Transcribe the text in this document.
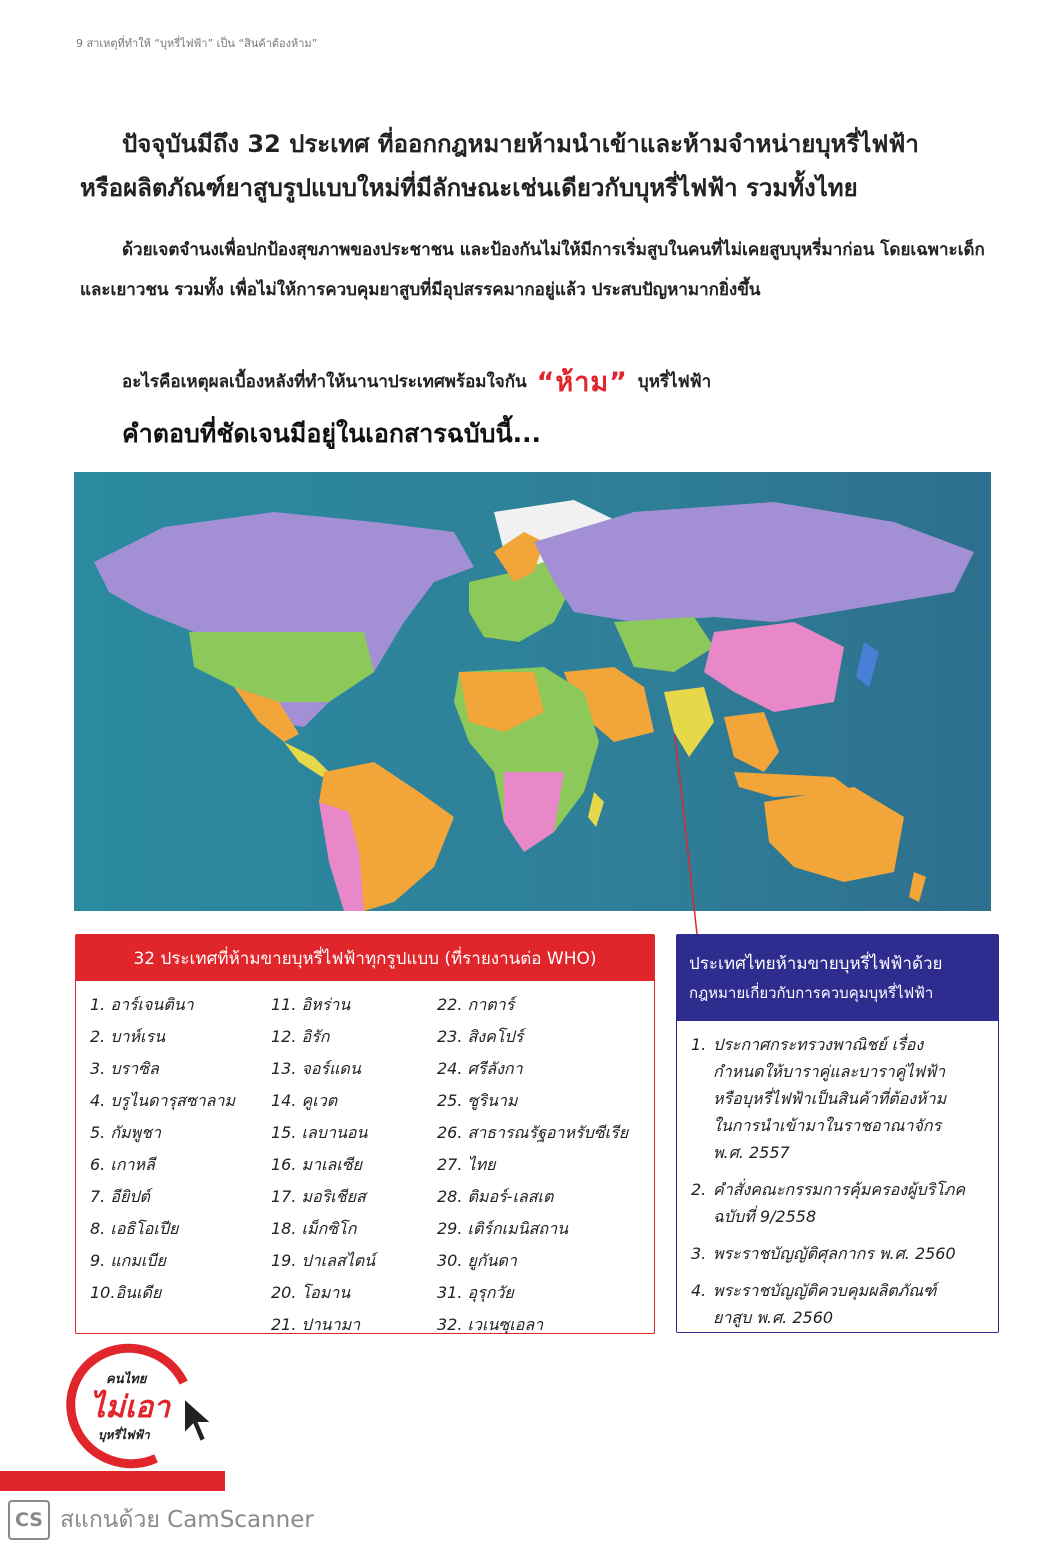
9 สาเหตุที่ทำให้ “บุหรี่ไฟฟ้า” เป็น “สินค้าต้องห้าม”
ปัจจุบันมีถึง 32 ประเทศ ที่ออกกฎหมายห้ามนำเข้าและห้ามจำหน่ายบุหรี่ไฟฟ้า
หรือผลิตภัณฑ์ยาสูบรูปแบบใหม่ที่มีลักษณะเช่นเดียวกับบุหรี่ไฟฟ้า รวมทั้งไทย
ด้วยเจตจำนงเพื่อปกป้องสุขภาพของประชาชน และป้องกันไม่ให้มีการเริ่มสูบในคนที่ไม่เคยสูบบุหรี่มาก่อน โดยเฉพาะเด็กและเยาวชน รวมทั้ง เพื่อไม่ให้การควบคุมยาสูบที่มีอุปสรรคมากอยู่แล้ว ประสบปัญหามากยิ่งขึ้น
อะไรคือเหตุผลเบื้องหลังที่ทำให้นานาประเทศพร้อมใจกัน “ห้าม” บุหรี่ไฟฟ้า
คำตอบที่ชัดเจนมีอยู่ในเอกสารฉบับนี้...
32 ประเทศที่ห้ามขายบุหรี่ไฟฟ้าทุกรูปแบบ (ที่รายงานต่อ WHO)
1. อาร์เจนตินา
2. บาห์เรน
3. บราซิล
4. บรูไนดารุสซาลาม
5. กัมพูชา
6. เกาหลี
7. อียิปต์
8. เอธิโอเปีย
9. แกมเบีย
10.อินเดีย
11. อิหร่าน
12. อิรัก
13. จอร์แดน
14. คูเวต
15. เลบานอน
16. มาเลเซีย
17. มอริเชียส
18. เม็กซิโก
19. ปาเลสไตน์
20. โอมาน
21. ปานามา
22. กาตาร์
23. สิงคโปร์
24. ศรีลังกา
25. ซูรินาม
26. สาธารณรัฐอาหรับซีเรีย
27. ไทย
28. ติมอร์-เลสเต
29. เติร์กเมนิสถาน
30. ยูกันดา
31. อุรุกวัย
32. เวเนซุเอลา
ประเทศไทยห้ามขายบุหรี่ไฟฟ้าด้วย
กฎหมายเกี่ยวกับการควบคุมบุหรี่ไฟฟ้า
1. ประกาศกระทรวงพาณิชย์ เรื่อง
กำหนดให้บาราคู่และบาราคู่ไฟฟ้า
หรือบุหรี่ไฟฟ้าเป็นสินค้าที่ต้องห้าม
ในการนำเข้ามาในราชอาณาจักร
พ.ศ. 2557
2. คำสั่งคณะกรรมการคุ้มครองผู้บริโภค
ฉบับที่ 9/2558
3. พระราชบัญญัติศุลกากร พ.ศ. 2560
4. พระราชบัญญัติควบคุมผลิตภัณฑ์
ยาสูบ พ.ศ. 2560
คนไทย
ไม่เอา
บุหรี่ไฟฟ้า
CS สแกนด้วย CamScanner
